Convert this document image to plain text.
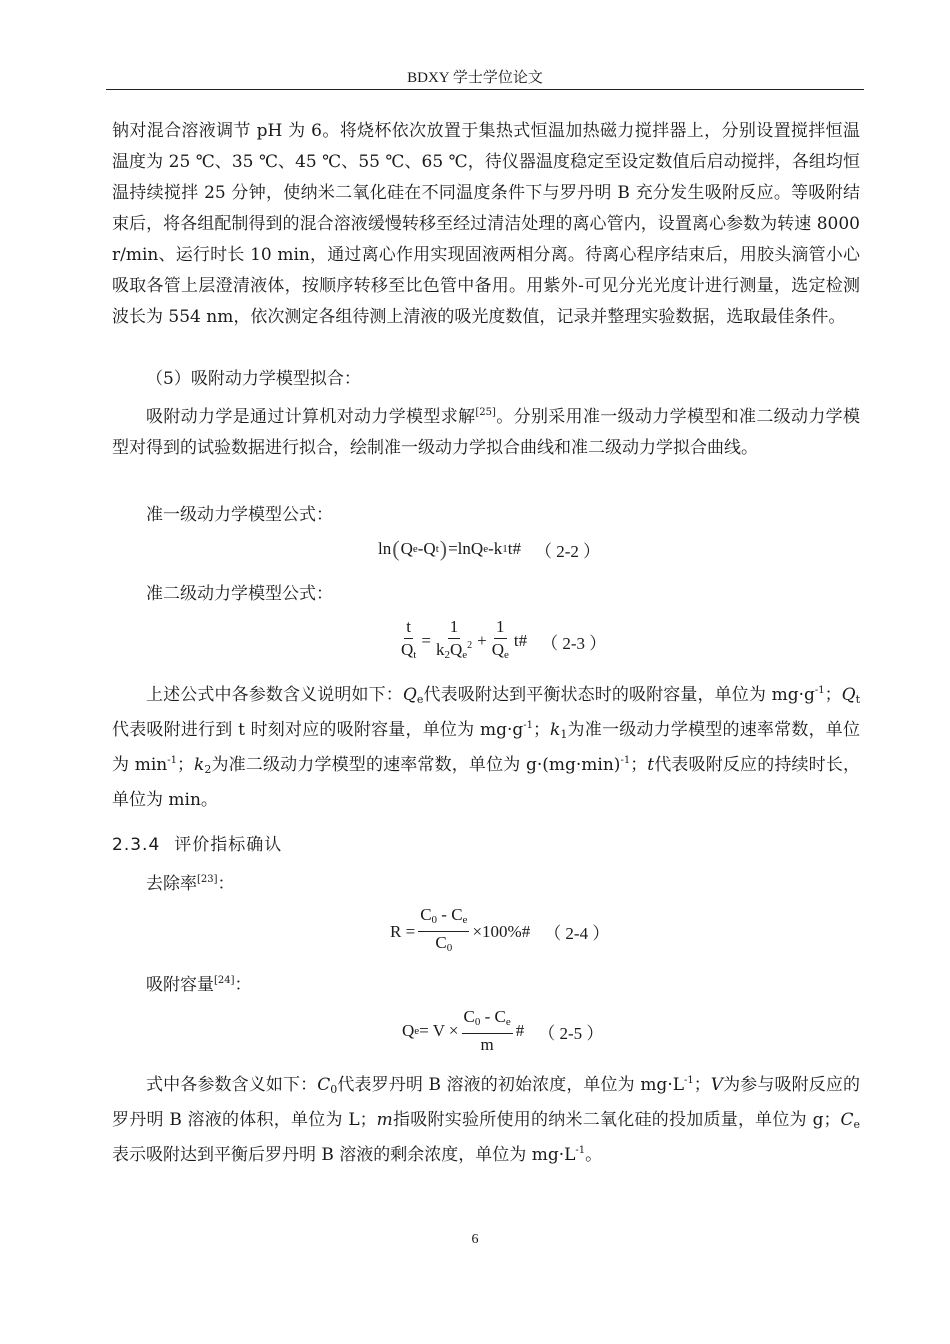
BDXY 学士学位论文

钠对混合溶液调节 pH 为 6。将烧杯依次放置于集热式恒温加热磁力搅拌器上，分别设置搅拌恒温温度为 25 ℃、35 ℃、45 ℃、55 ℃、65 ℃，待仪器温度稳定至设定数值后启动搅拌，各组均恒温持续搅拌 25 分钟，使纳米二氧化硅在不同温度条件下与罗丹明 B 充分发生吸附反应。等吸附结束后，将各组配制得到的混合溶液缓慢转移至经过清洁处理的离心管内，设置离心参数为转速 8000 r/min、运行时长 10 min，通过离心作用实现固液两相分离。待离心程序结束后，用胶头滴管小心吸取各管上层澄清液体，按顺序转移至比色管中备用。用紫外-可见分光光度计进行测量，选定检测波长为 554 nm，依次测定各组待测上清液的吸光度数值，记录并整理实验数据，选取最佳条件。

（5）吸附动力学模型拟合：

吸附动力学是通过计算机对动力学模型求解[25]。分别采用准一级动力学模型和准二级动力学模型对得到的试验数据进行拟合，绘制准一级动力学拟合曲线和准二级动力学拟合曲线。

准一级动力学模型公式：

ln ( Q e - Q t ) = ln Q e - k 1 t # （ 2-2 ）

准二级动力学模型公式：

$\frac{t}{Q_t} = \frac{1}{k_2Q_e^2} + \frac{1}{Q_e}$ t # （ 2-3 ）

上述公式中各参数含义说明如下：$Q_e$代表吸附达到平衡状态时的吸附容量，单位为 $mg\cdot g^{-1}$；$Q_t$代表吸附进行到 t 时刻对应的吸附容量，单位为 $mg\cdot g^{-1}$；$k_1$为准一级动力学模型的速率常数，单位为 $\min^{-1}$；$k_2$为准二级动力学模型的速率常数，单位为 $g\cdot(mg\cdot\min)^{-1}$；t代表吸附反应的持续时长，单位为 min。

2.3.4 评价指标确认

去除率[23]：

$R = \frac{C_0 - C_e}{C_0} \times 100\%$ # （ 2-4 ）

吸附容量[24]：

Q $e = V \times \frac{C_0 - C_e}{m}$ # （ 2-5 ）

式中各参数含义如下：$C_0$代表罗丹明 B 溶液的初始浓度，单位为 $mg\cdot L^{-1}$；V为参与吸附反应的罗丹明 B 溶液的体积，单位为 L；m指吸附实验所使用的纳米二氧化硅的投加质量，单位为 g；$C_e$表示吸附达到平衡后罗丹明 B 溶液的剩余浓度，单位为 $mg\cdot L^{-1}$。

6
